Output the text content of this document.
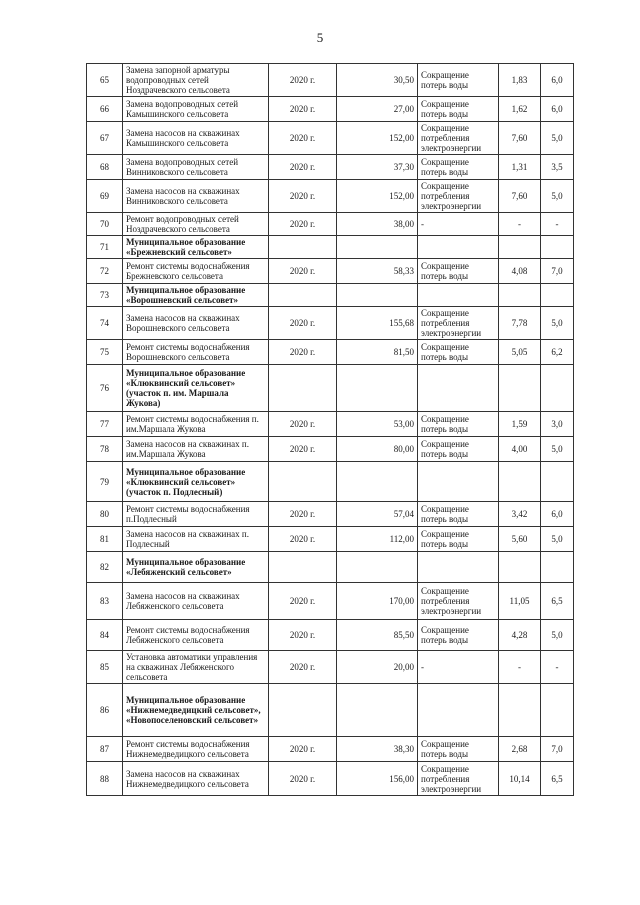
5
65	Замена запорной арматуры водопроводных сетей Ноздрачевского сельсовета	2020 г.	30,50	Сокращение потерь воды	1,83	6,0
66	Замена водопроводных сетей Камышинского сельсовета	2020 г.	27,00	Сокращение потерь воды	1,62	6,0
67	Замена насосов на скважинах Камышинского сельсовета	2020 г.	152,00	Сокращение потребления электроэнергии	7,60	5,0
68	Замена водопроводных сетей Винниковского сельсовета	2020 г.	37,30	Сокращение потерь воды	1,31	3,5
69	Замена насосов на скважинах Винниковского сельсовета	2020 г.	152,00	Сокращение потребления электроэнергии	7,60	5,0
70	Ремонт водопроводных сетей Ноздрачевского сельсовета	2020 г.	38,00	-	-	-
71	Муниципальное образование «Брежневский сельсовет»					
72	Ремонт системы водоснабжения Брежневского сельсовета	2020 г.	58,33	Сокращение потерь воды	4,08	7,0
73	Муниципальное образование «Ворошневский сельсовет»					
74	Замена насосов на скважинах Ворошневского сельсовета	2020 г.	155,68	Сокращение потребления электроэнергии	7,78	5,0
75	Ремонт системы водоснабжения Ворошневского сельсовета	2020 г.	81,50	Сокращение потерь воды	5,05	6,2
76	Муниципальное образование «Клюквинский сельсовет» (участок п. им. Маршала Жукова)					
77	Ремонт системы водоснабжения п. им.Маршала Жукова	2020 г.	53,00	Сокращение потерь воды	1,59	3,0
78	Замена насосов на скважинах п. им.Маршала Жукова	2020 г.	80,00	Сокращение потерь воды	4,00	5,0
79	Муниципальное образование «Клюквинский сельсовет» (участок п. Подлесный)					
80	Ремонт системы водоснабжения п.Подлесный	2020 г.	57,04	Сокращение потерь воды	3,42	6,0
81	Замена насосов на скважинах п. Подлесный	2020 г.	112,00	Сокращение потерь воды	5,60	5,0
82	Муниципальное образование «Лебяженский сельсовет»					
83	Замена насосов на скважинах Лебяженского сельсовета	2020 г.	170,00	Сокращение потребления электроэнергии	11,05	6,5
84	Ремонт системы водоснабжения Лебяженского сельсовета	2020 г.	85,50	Сокращение потерь воды	4,28	5,0
85	Установка автоматики управления на скважинах Лебяженского сельсовета	2020 г.	20,00	-	-	-
86	Муниципальное образование «Нижнемедведицкий сельсовет», «Новопоселеновский сельсовет»					
87	Ремонт системы водоснабжения Нижнемедведицкого сельсовета	2020 г.	38,30	Сокращение потерь воды	2,68	7,0
88	Замена насосов на скважинах Нижнемедведицкого сельсовета	2020 г.	156,00	Сокращение потребления электроэнергии	10,14	6,5
